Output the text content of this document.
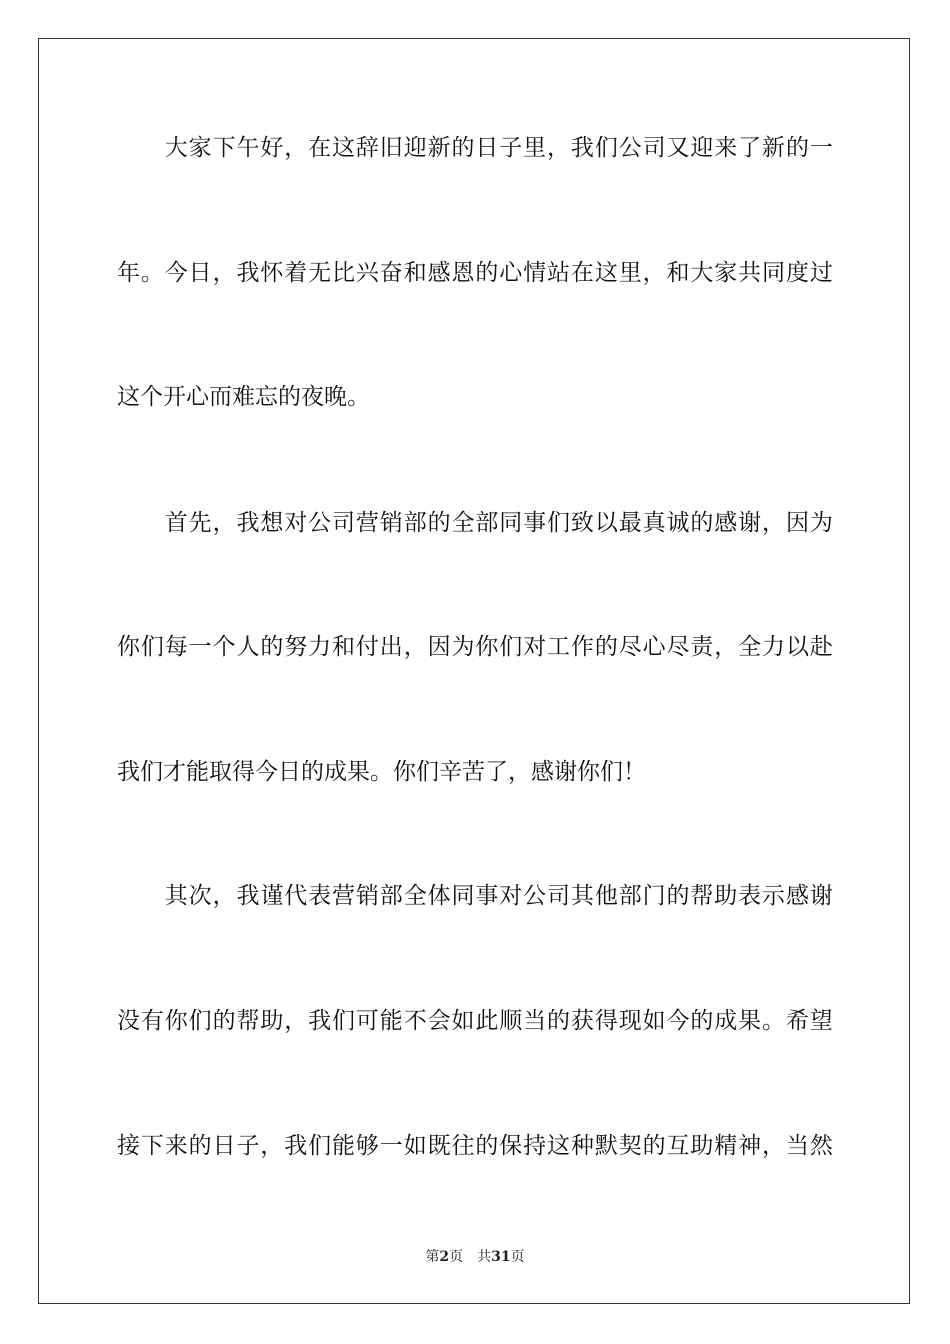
大 家 下 午 好 ， 在 这 辞 旧 迎 新 的 日 子 里 ， 我 们 公 司 又 迎 来 了 新 的 一
年 。 今 日 ， 我 怀 着 无 比 兴 奋 和 感 恩 的 心 情 站 在 这 里 ， 和 大 家 共 同 度 过
这个开心而难忘的夜晚。

首 先 ， 我 想 对 公 司 营 销 部 的 全 部 同 事 们 致 以 最 真 诚 的 感 谢 ， 因 为
你 们 每 一 个 人 的 努 力 和 付 出 ， 因 为 你 们 对 工 作 的 尽 心 尽 责 ， 全 力 以 赴
我们才能取得今日的成果。你们辛苦了，感谢你们！

其 次 ， 我 谨 代 表 营 销 部 全 体 同 事 对 公 司 其 他 部 门 的 帮 助 表 示 感 谢
没 有 你 们 的 帮 助 ， 我 们 可 能 不 会 如 此 顺 当 的 获 得 现 如 今 的 成 果 。 希 望
接 下 来 的 日 子 ， 我 们 能 够 一 如 既 往 的 保 持 这 种 默 契 的 互 助 精 神 ， 当 然
第2页 共31页
